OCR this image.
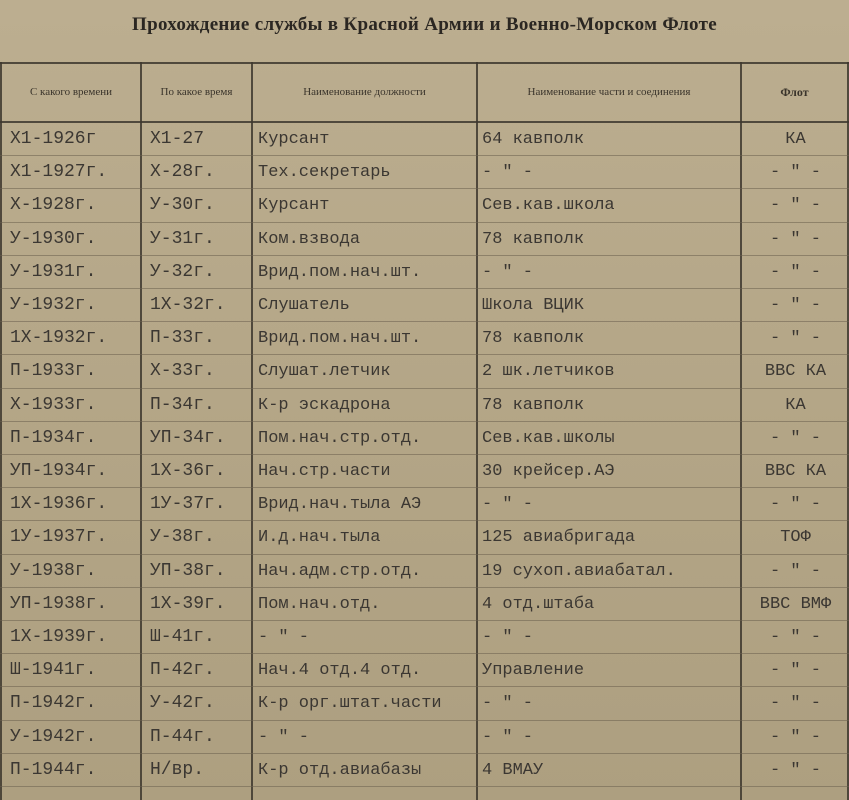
Прохождение службы в Красной Армии и Военно-Морском Флоте
С какого времени	По какое время	Наименование должности	Наименование части и соединения	Флот
Х1-1926г	Х1-27	Курсант	64 кавполк	КА
Х1-1927г.	Х-28г.	Тех.секретарь	- " -	- " -
Х-1928г.	У-30г.	Курсант	Сев.кав.школа	- " -
У-1930г.	У-31г.	Ком.взвода	78 кавполк	- " -
У-1931г.	У-32г.	Врид.пом.нач.шт.	- " -	- " -
У-1932г.	1Х-32г.	Слушатель	Школа ВЦИК	- " -
1Х-1932г.	П-33г.	Врид.пом.нач.шт.	78 кавполк	- " -
П-1933г.	Х-33г.	Слушат.летчик	2 шк.летчиков	ВВС КА
Х-1933г.	П-34г.	К-р эскадрона	78 кавполк	КА
П-1934г.	УП-34г.	Пом.нач.стр.отд.	Сев.кав.школы	- " -
УП-1934г.	1Х-36г.	Нач.стр.части	30 крейсер.АЭ	ВВС КА
1Х-1936г.	1У-37г.	Врид.нач.тыла АЭ	- " -	- " -
1У-1937г.	У-38г.	И.д.нач.тыла	125 авиабригада	ТОФ
У-1938г.	УП-38г.	Нач.адм.стр.отд.	19 сухоп.авиабатал.	- " -
УП-1938г.	1Х-39г.	Пом.нач.отд.	4 отд.штаба	ВВС ВМФ
1Х-1939г.	Ш-41г.	- " -	- " -	- " -
Ш-1941г.	П-42г.	Нач.4 отд.4 отд.	Управление	- " -
П-1942г.	У-42г.	К-р орг.штат.части	- " -	- " -
У-1942г.	П-44г.	- " -	- " -	- " -
П-1944г.	Н/вр.	К-р отд.авиабазы	4 ВМАУ	- " -
